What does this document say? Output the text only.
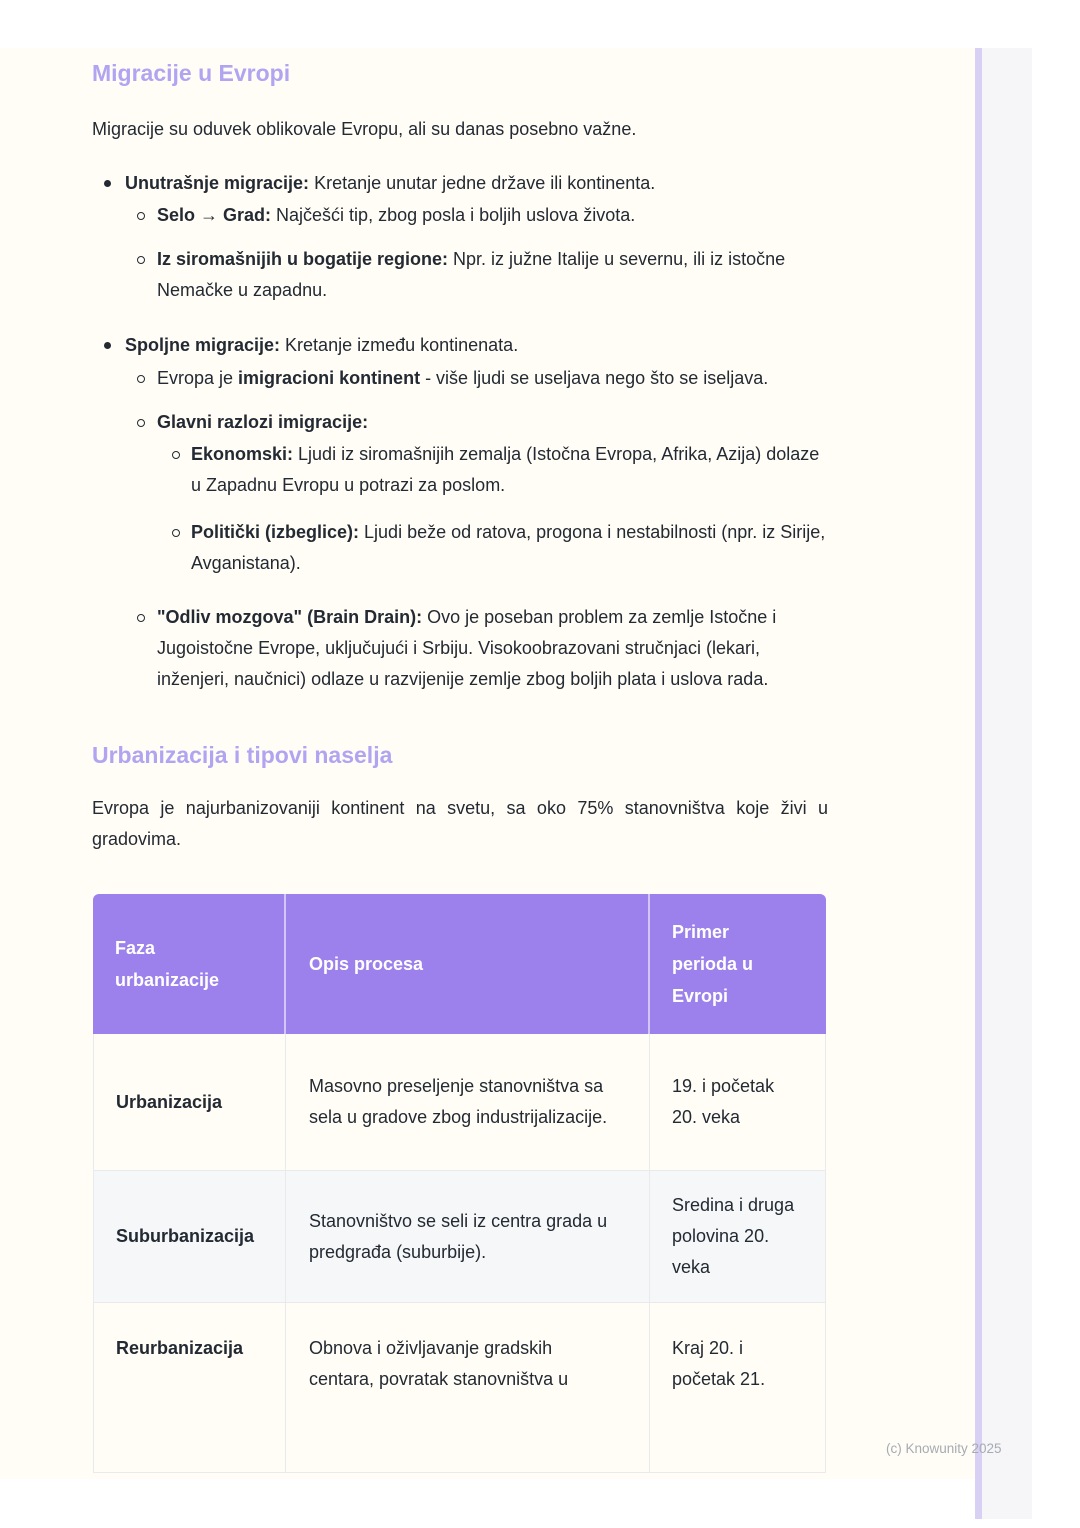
Migracije u Evropi

Migracije su oduvek oblikovale Evropu, ali su danas posebno važne.

Unutrašnje migracije: Kretanje unutar jedne države ili kontinenta.
Selo → Grad: Najčešći tip, zbog posla i boljih uslova života.
Iz siromašnijih u bogatije regione: Npr. iz južne Italije u severnu, ili iz istočne Nemačke u zapadnu.
Spoljne migracije: Kretanje između kontinenata.
Evropa je imigracioni kontinent - više ljudi se useljava nego što se iseljava.
Glavni razlozi imigracije:
Ekonomski: Ljudi iz siromašnijih zemalja (Istočna Evropa, Afrika, Azija) dolaze u Zapadnu Evropu u potrazi za poslom.
Politički (izbeglice): Ljudi beže od ratova, progona i nestabilnosti (npr. iz Sirije, Avganistana).
"Odliv mozgova" (Brain Drain): Ovo je poseban problem za zemlje Istočne i Jugoistočne Evrope, uključujući i Srbiju. Visokoobrazovani stručnjaci (lekari, inženjeri, naučnici) odlaze u razvijenije zemlje zbog boljih plata i uslova rada.
Urbanizacija i tipovi naselja

Evropa je najurbanizovaniji kontinent na svetu, sa oko 75% stanovništva koje živi u gradovima.

Faza urbanizacije	Opis procesa	Primer perioda u Evropi
Urbanizacija	Masovno preseljenje stanovništva sa sela u gradove zbog industrijalizacije.	19. i početak 20. veka
Suburbanizacija	Stanovništvo se seli iz centra grada u predgrađa (suburbije).	Sredina i druga polovina 20. veka
Reurbanizacija	Obnova i oživljavanje gradskih centara, povratak stanovništva u	Kraj 20. i početak 21.
(c) Knowunity 2025
